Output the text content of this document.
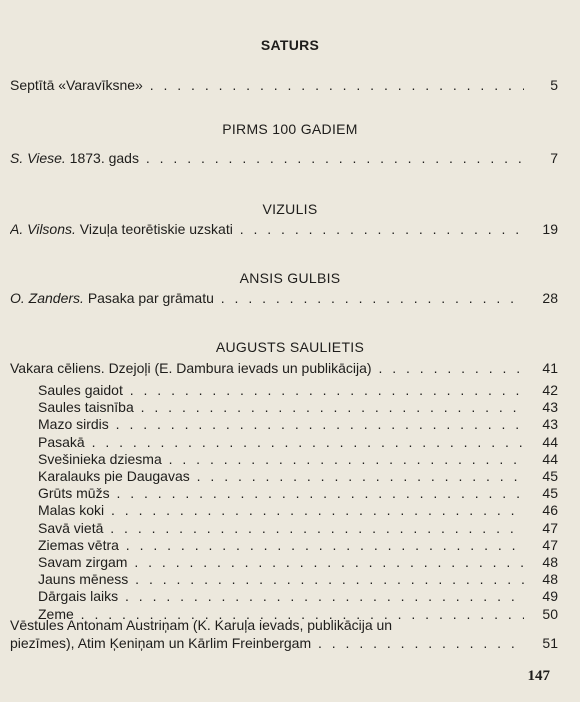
SATURS
Septītā «Varavīksne» . . .	5
PIRMS 100 GADIEM
S. Viese. 1873. gads . . .	7
VIZULIS
A. Vilsons. Vizuļa teorētiskie uzskati . . .	19
ANSIS GULBIS
O. Zanders. Pasaka par grāmatu . . .	28
AUGUSTS SAULIETIS
Vakara cēliens. Dzejoļi (E. Dambura ievads un publikācija) . . .	41
Saules gaidot . . .	42
Saules taisnība . . .	43
Mazo sirdis . . .	43
Pasakā . . .	44
Svešinieka dziesma . . .	44
Karalauks pie Daugavas . . .	45
Grūts mūžs . . .	45
Malas koki . . .	46
Savā vietā . . .	47
Ziemas vētra . . .	47
Savam zirgam . . .	48
Jauns mēness . . .	48
Dārgais laiks . . .	49
Zeme . . .	50
Vēstules Antonam Austriņam (K. Karuļa ievads, publikācija un
piezīmes), Atim Ķeniņam un Kārlim Freinbergam . . .	51
147
